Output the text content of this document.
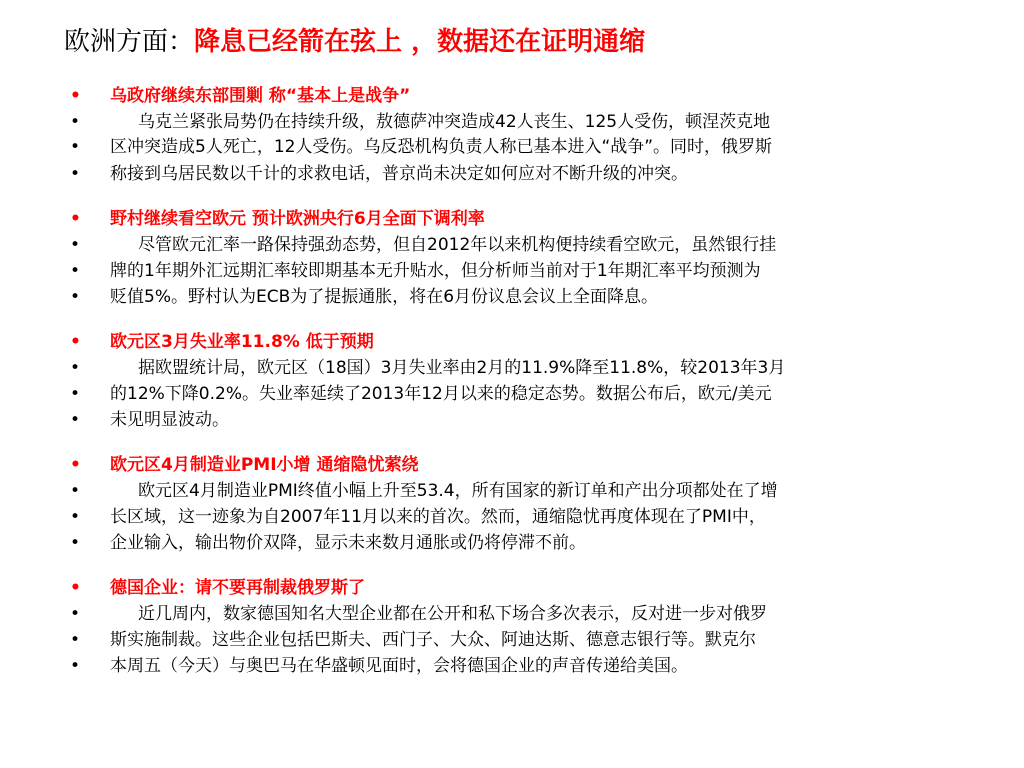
欧洲方面：降息已经箭在弦上 ，数据还在证明通缩
• 乌政府继续东部围剿 称“基本上是战争”
•	乌克兰紧张局势仍在持续升级，敖德萨冲突造成42人丧生、125人受伤，顿涅茨克地
• 区冲突造成5人死亡，12人受伤。乌反恐机构负责人称已基本进入“战争”。同时，俄罗斯
• 称接到乌居民数以千计的求救电话，普京尚未决定如何应对不断升级的冲突。
• 野村继续看空欧元 预计欧洲央行6月全面下调利率
•	尽管欧元汇率一路保持强劲态势，但自2012年以来机构便持续看空欧元，虽然银行挂
• 牌的1年期外汇远期汇率较即期基本无升贴水，但分析师当前对于1年期汇率平均预测为
• 贬值5%。野村认为ECB为了提振通胀，将在6月份议息会议上全面降息。
• 欧元区3月失业率11.8% 低于预期
•	据欧盟统计局，欧元区（18国）3月失业率由2月的11.9%降至11.8%，较2013年3月
• 的12%下降0.2%。失业率延续了2013年12月以来的稳定态势。数据公布后，欧元/美元
• 未见明显波动。
• 欧元区4月制造业PMI小增 通缩隐忧萦绕
•	欧元区4月制造业PMI终值小幅上升至53.4，所有国家的新订单和产出分项都处在了增
• 长区域，这一迹象为自2007年11月以来的首次。然而，通缩隐忧再度体现在了PMI中，
• 企业输入，输出物价双降，显示未来数月通胀或仍将停滞不前。
• 德国企业：请不要再制裁俄罗斯了
•	近几周内，数家德国知名大型企业都在公开和私下场合多次表示，反对进一步对俄罗
• 斯实施制裁。这些企业包括巴斯夫、西门子、大众、阿迪达斯、德意志银行等。默克尔
• 本周五（今天）与奥巴马在华盛顿见面时，会将德国企业的声音传递给美国。
